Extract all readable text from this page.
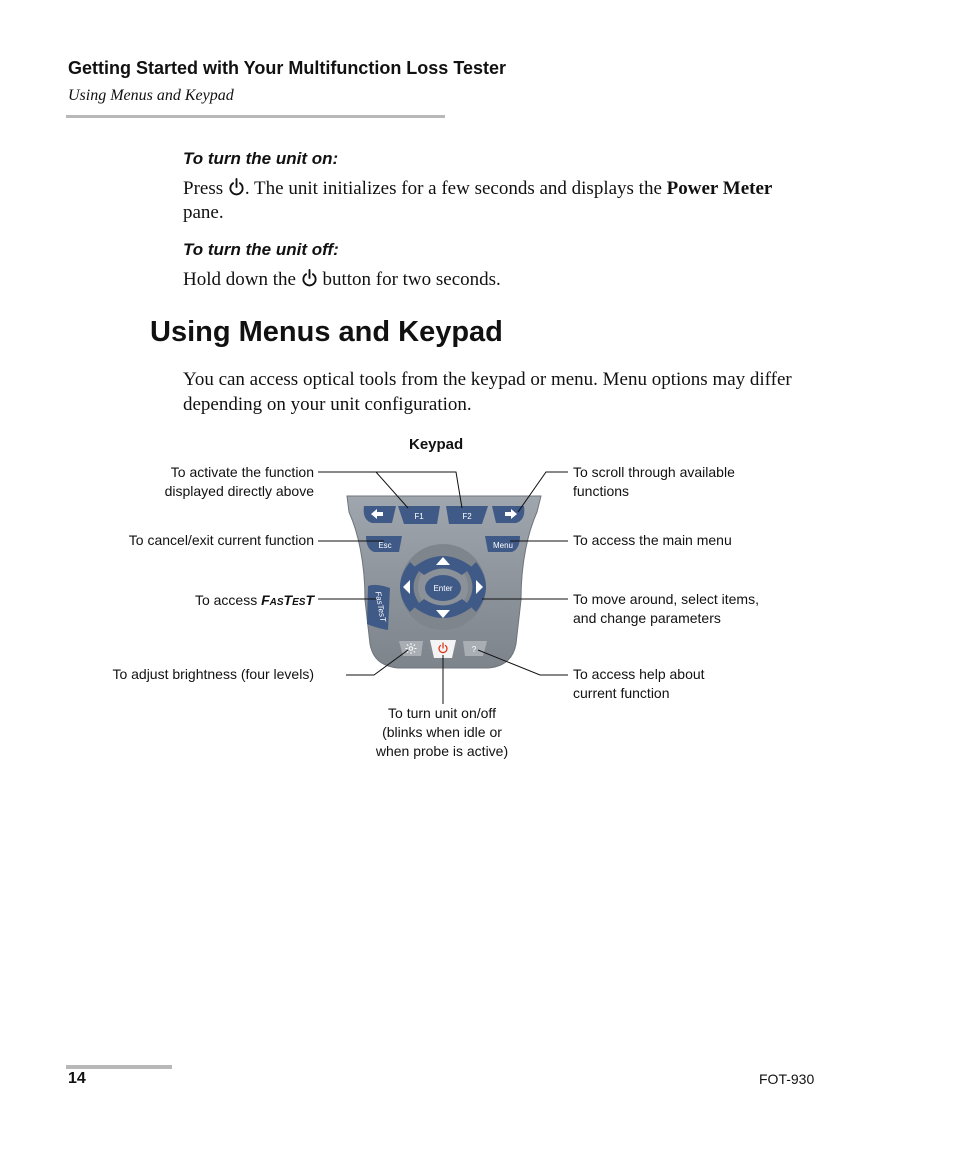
Getting Started with Your Multifunction Loss Tester
Using Menus and Keypad
To turn the unit on:
Press . The unit initializes for a few seconds and displays the Power Meter pane.
To turn the unit off:
Hold down the  button for two seconds.
Using Menus and Keypad
You can access optical tools from the keypad or menu. Menu options may differ depending on your unit configuration.
Keypad
To activate the function
displayed directly above
To cancel/exit current function
To access FasTesT
To adjust brightness (four levels)
To scroll through available
functions
To access the main menu
To move around, select items,
and change parameters
To access help about
current function
To turn unit on/off
(blinks when idle or
when probe is active)
F1	F2
Esc	Menu
Enter
FasTesT
?
14	FOT-930
